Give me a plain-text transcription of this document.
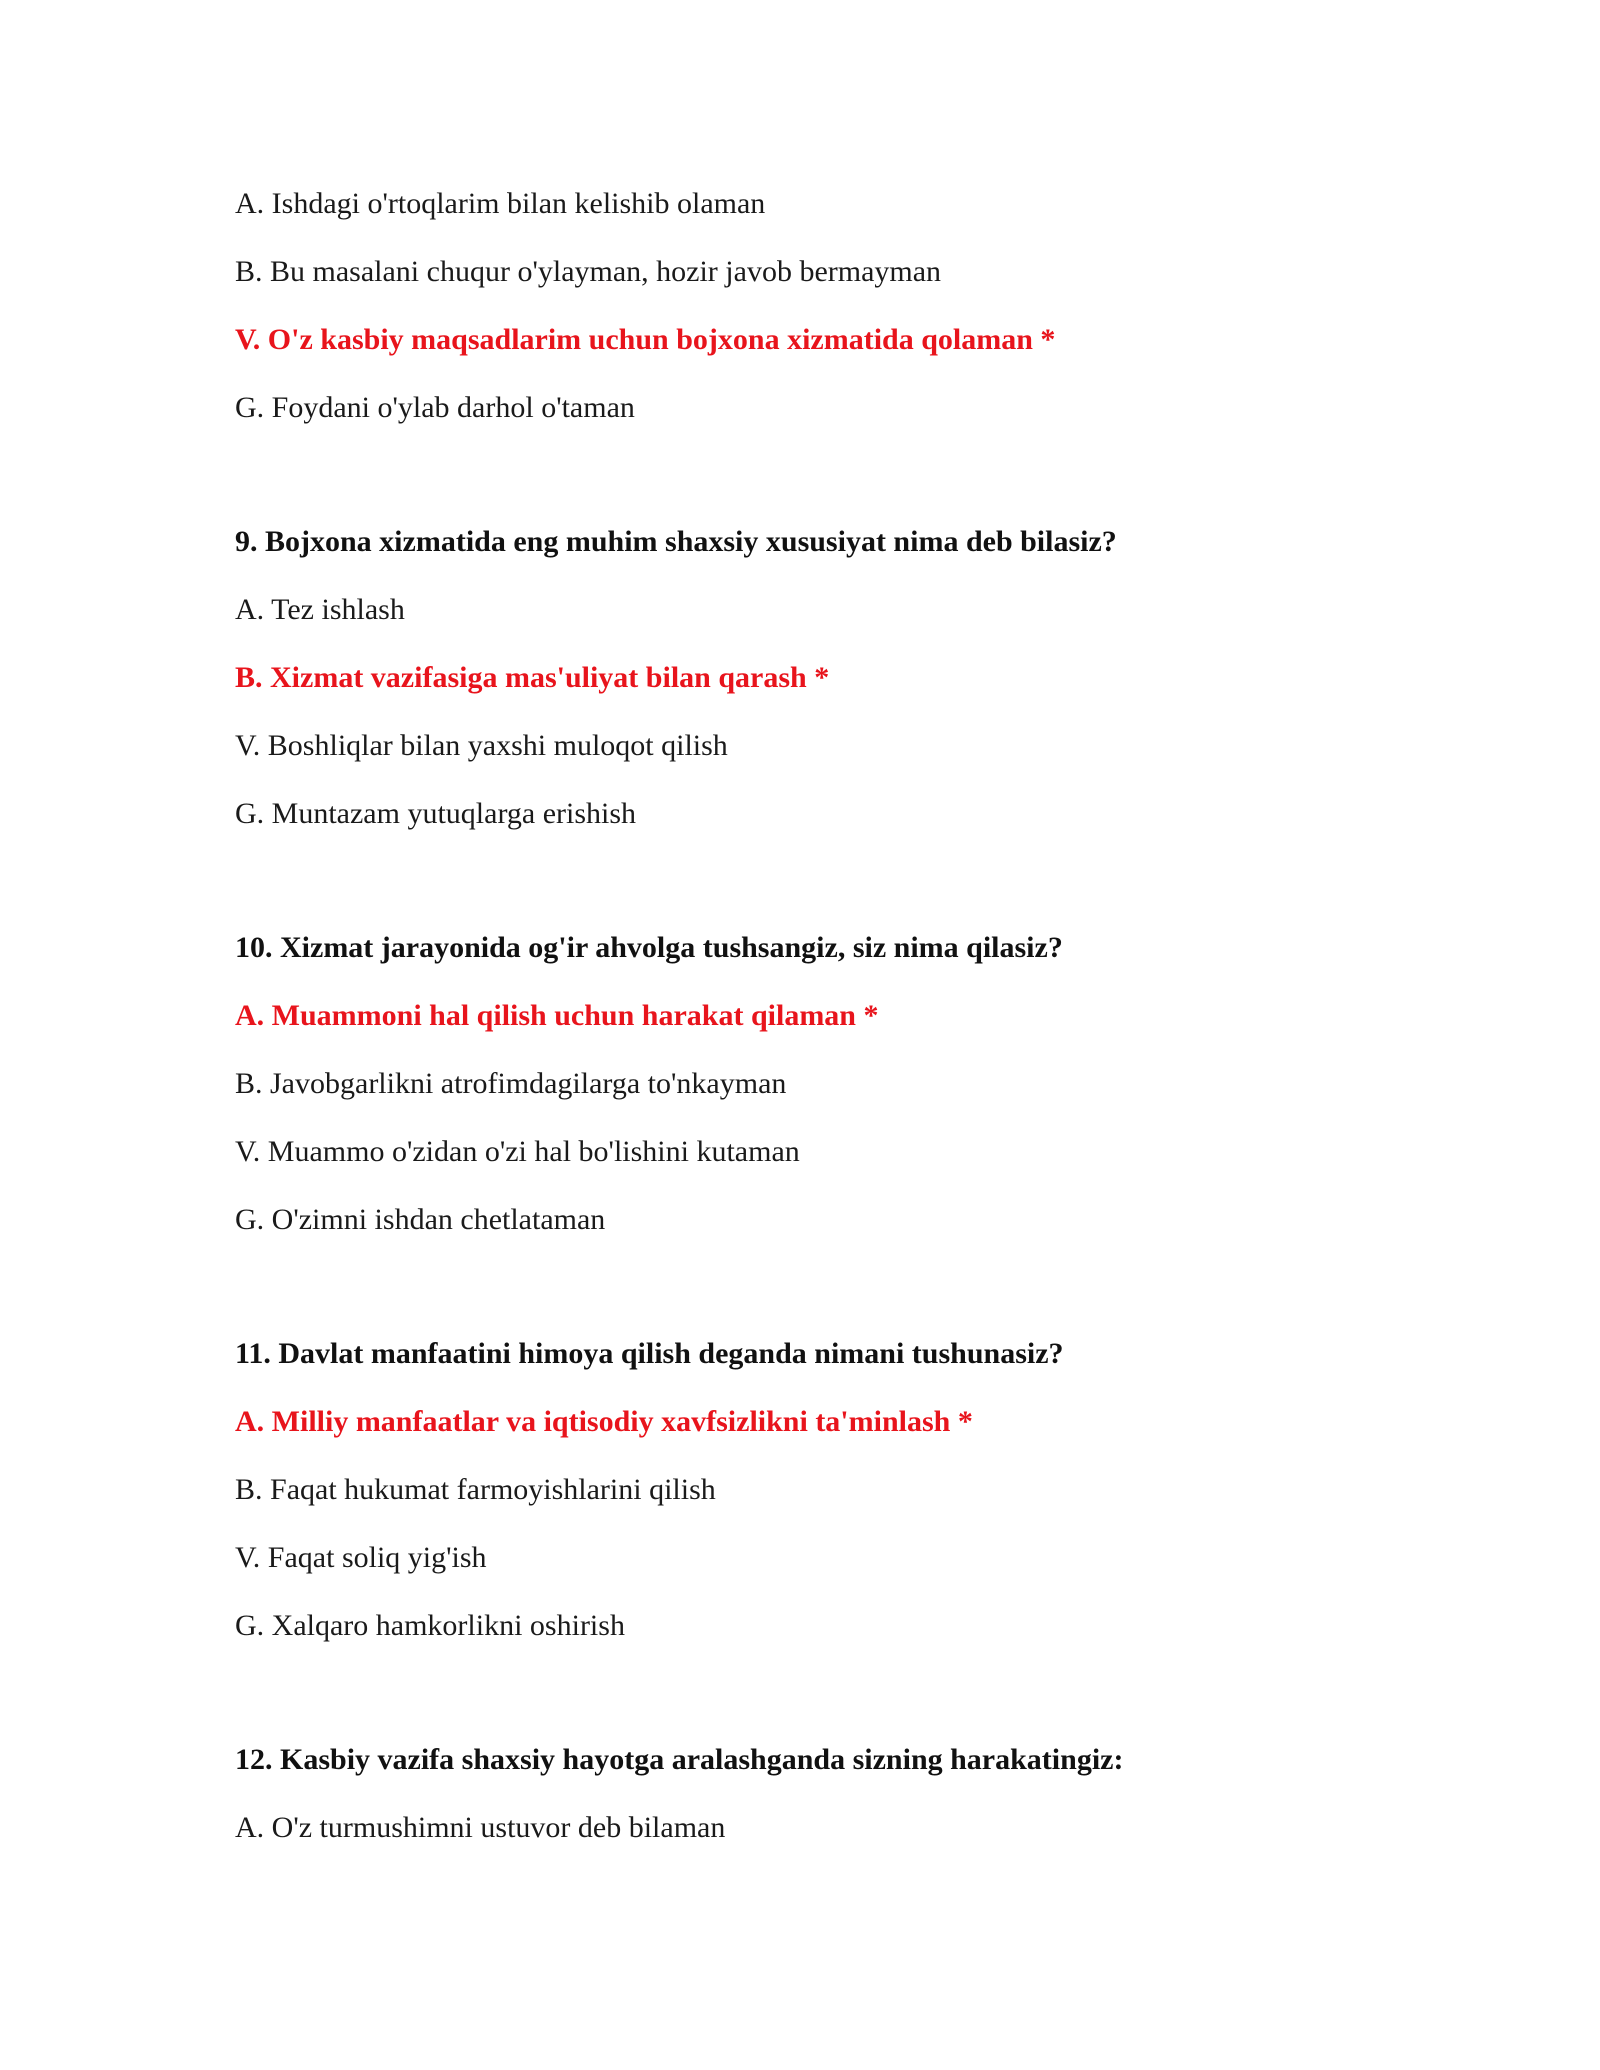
A. Ishdagi o'rtoqlarim bilan kelishib olaman
B. Bu masalani chuqur o'ylayman, hozir javob bermayman
V. O'z kasbiy maqsadlarim uchun bojxona xizmatida qolaman *
G. Foydani o'ylab darhol o'taman
9. Bojxona xizmatida eng muhim shaxsiy xususiyat nima deb bilasiz?
A. Tez ishlash
B. Xizmat vazifasiga mas'uliyat bilan qarash *
V. Boshliqlar bilan yaxshi muloqot qilish
G. Muntazam yutuqlarga erishish
10. Xizmat jarayonida og'ir ahvolga tushsangiz, siz nima qilasiz?
A. Muammoni hal qilish uchun harakat qilaman *
B. Javobgarlikni atrofimdagilarga to'nkayman
V. Muammo o'zidan o'zi hal bo'lishini kutaman
G. O'zimni ishdan chetlataman
11. Davlat manfaatini himoya qilish deganda nimani tushunasiz?
A. Milliy manfaatlar va iqtisodiy xavfsizlikni ta'minlash *
B. Faqat hukumat farmoyishlarini qilish
V. Faqat soliq yig'ish
G. Xalqaro hamkorlikni oshirish
12. Kasbiy vazifa shaxsiy hayotga aralashganda sizning harakatingiz:
A. O'z turmushimni ustuvor deb bilaman
